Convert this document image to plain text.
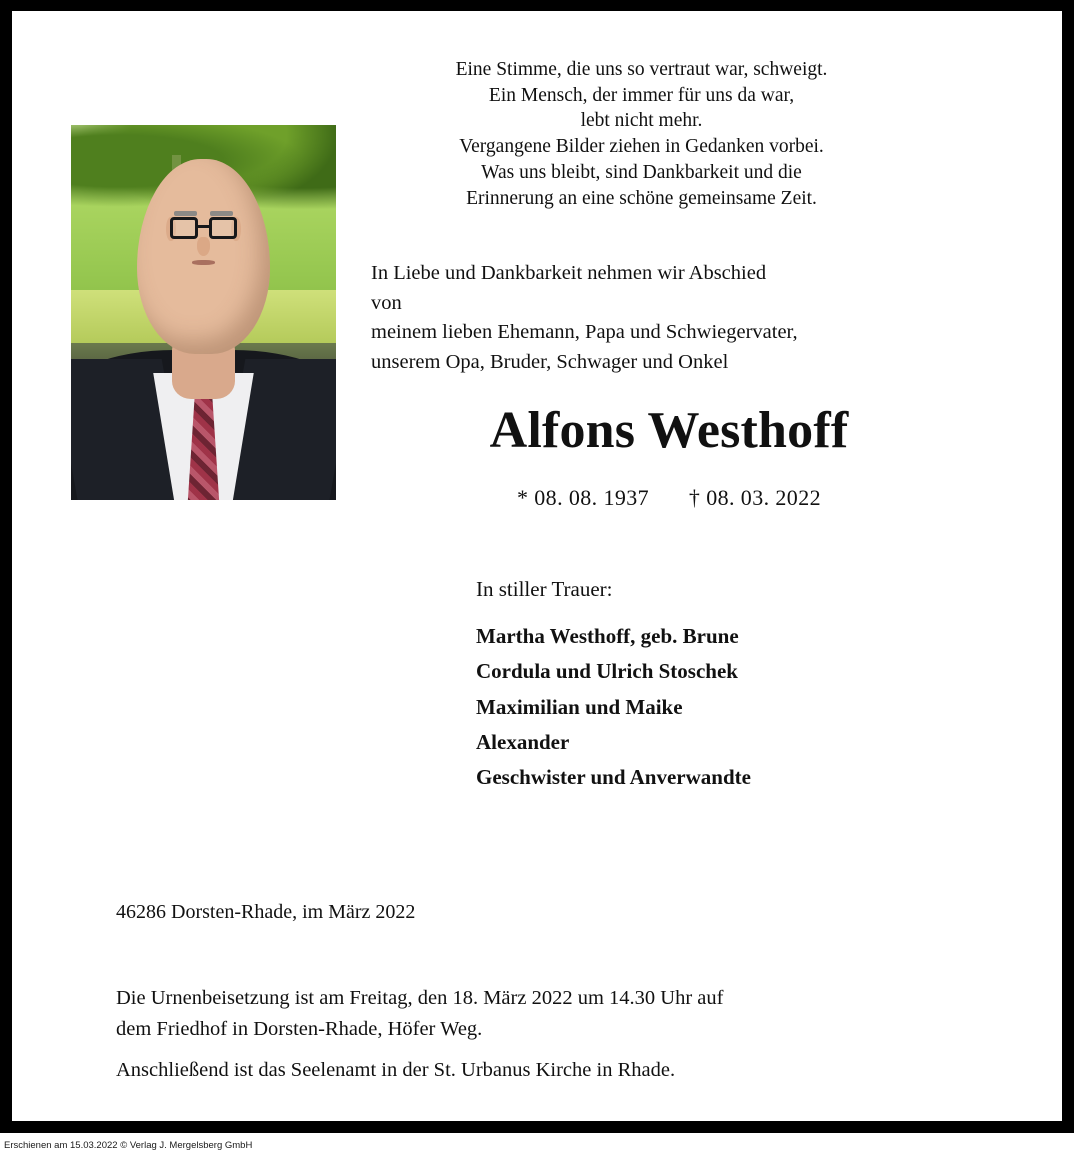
Eine Stimme, die uns so vertraut war, schweigt.
Ein Mensch, der immer für uns da war,
lebt nicht mehr.
Vergangene Bilder ziehen in Gedanken vorbei.
Was uns bleibt, sind Dankbarkeit und die
Erinnerung an eine schöne gemeinsame Zeit.
In Liebe und Dankbarkeit nehmen wir Abschied
von
meinem lieben Ehemann, Papa und Schwiegervater,
unserem Opa, Bruder, Schwager und Onkel
Alfons Westhoff
* 08. 08. 1937 † 08. 03. 2022
In stiller Trauer:
Martha Westhoff, geb. Brune
Cordula und Ulrich Stoschek
Maximilian und Maike
Alexander
Geschwister und Anverwandte
46286 Dorsten-Rhade, im März 2022
Die Urnenbeisetzung ist am Freitag, den 18. März 2022 um 14.30 Uhr auf
dem Friedhof in Dorsten-Rhade, Höfer Weg.
Anschließend ist das Seelenamt in der St. Urbanus Kirche in Rhade.
Erschienen am 15.03.2022 © Verlag J. Mergelsberg GmbH
